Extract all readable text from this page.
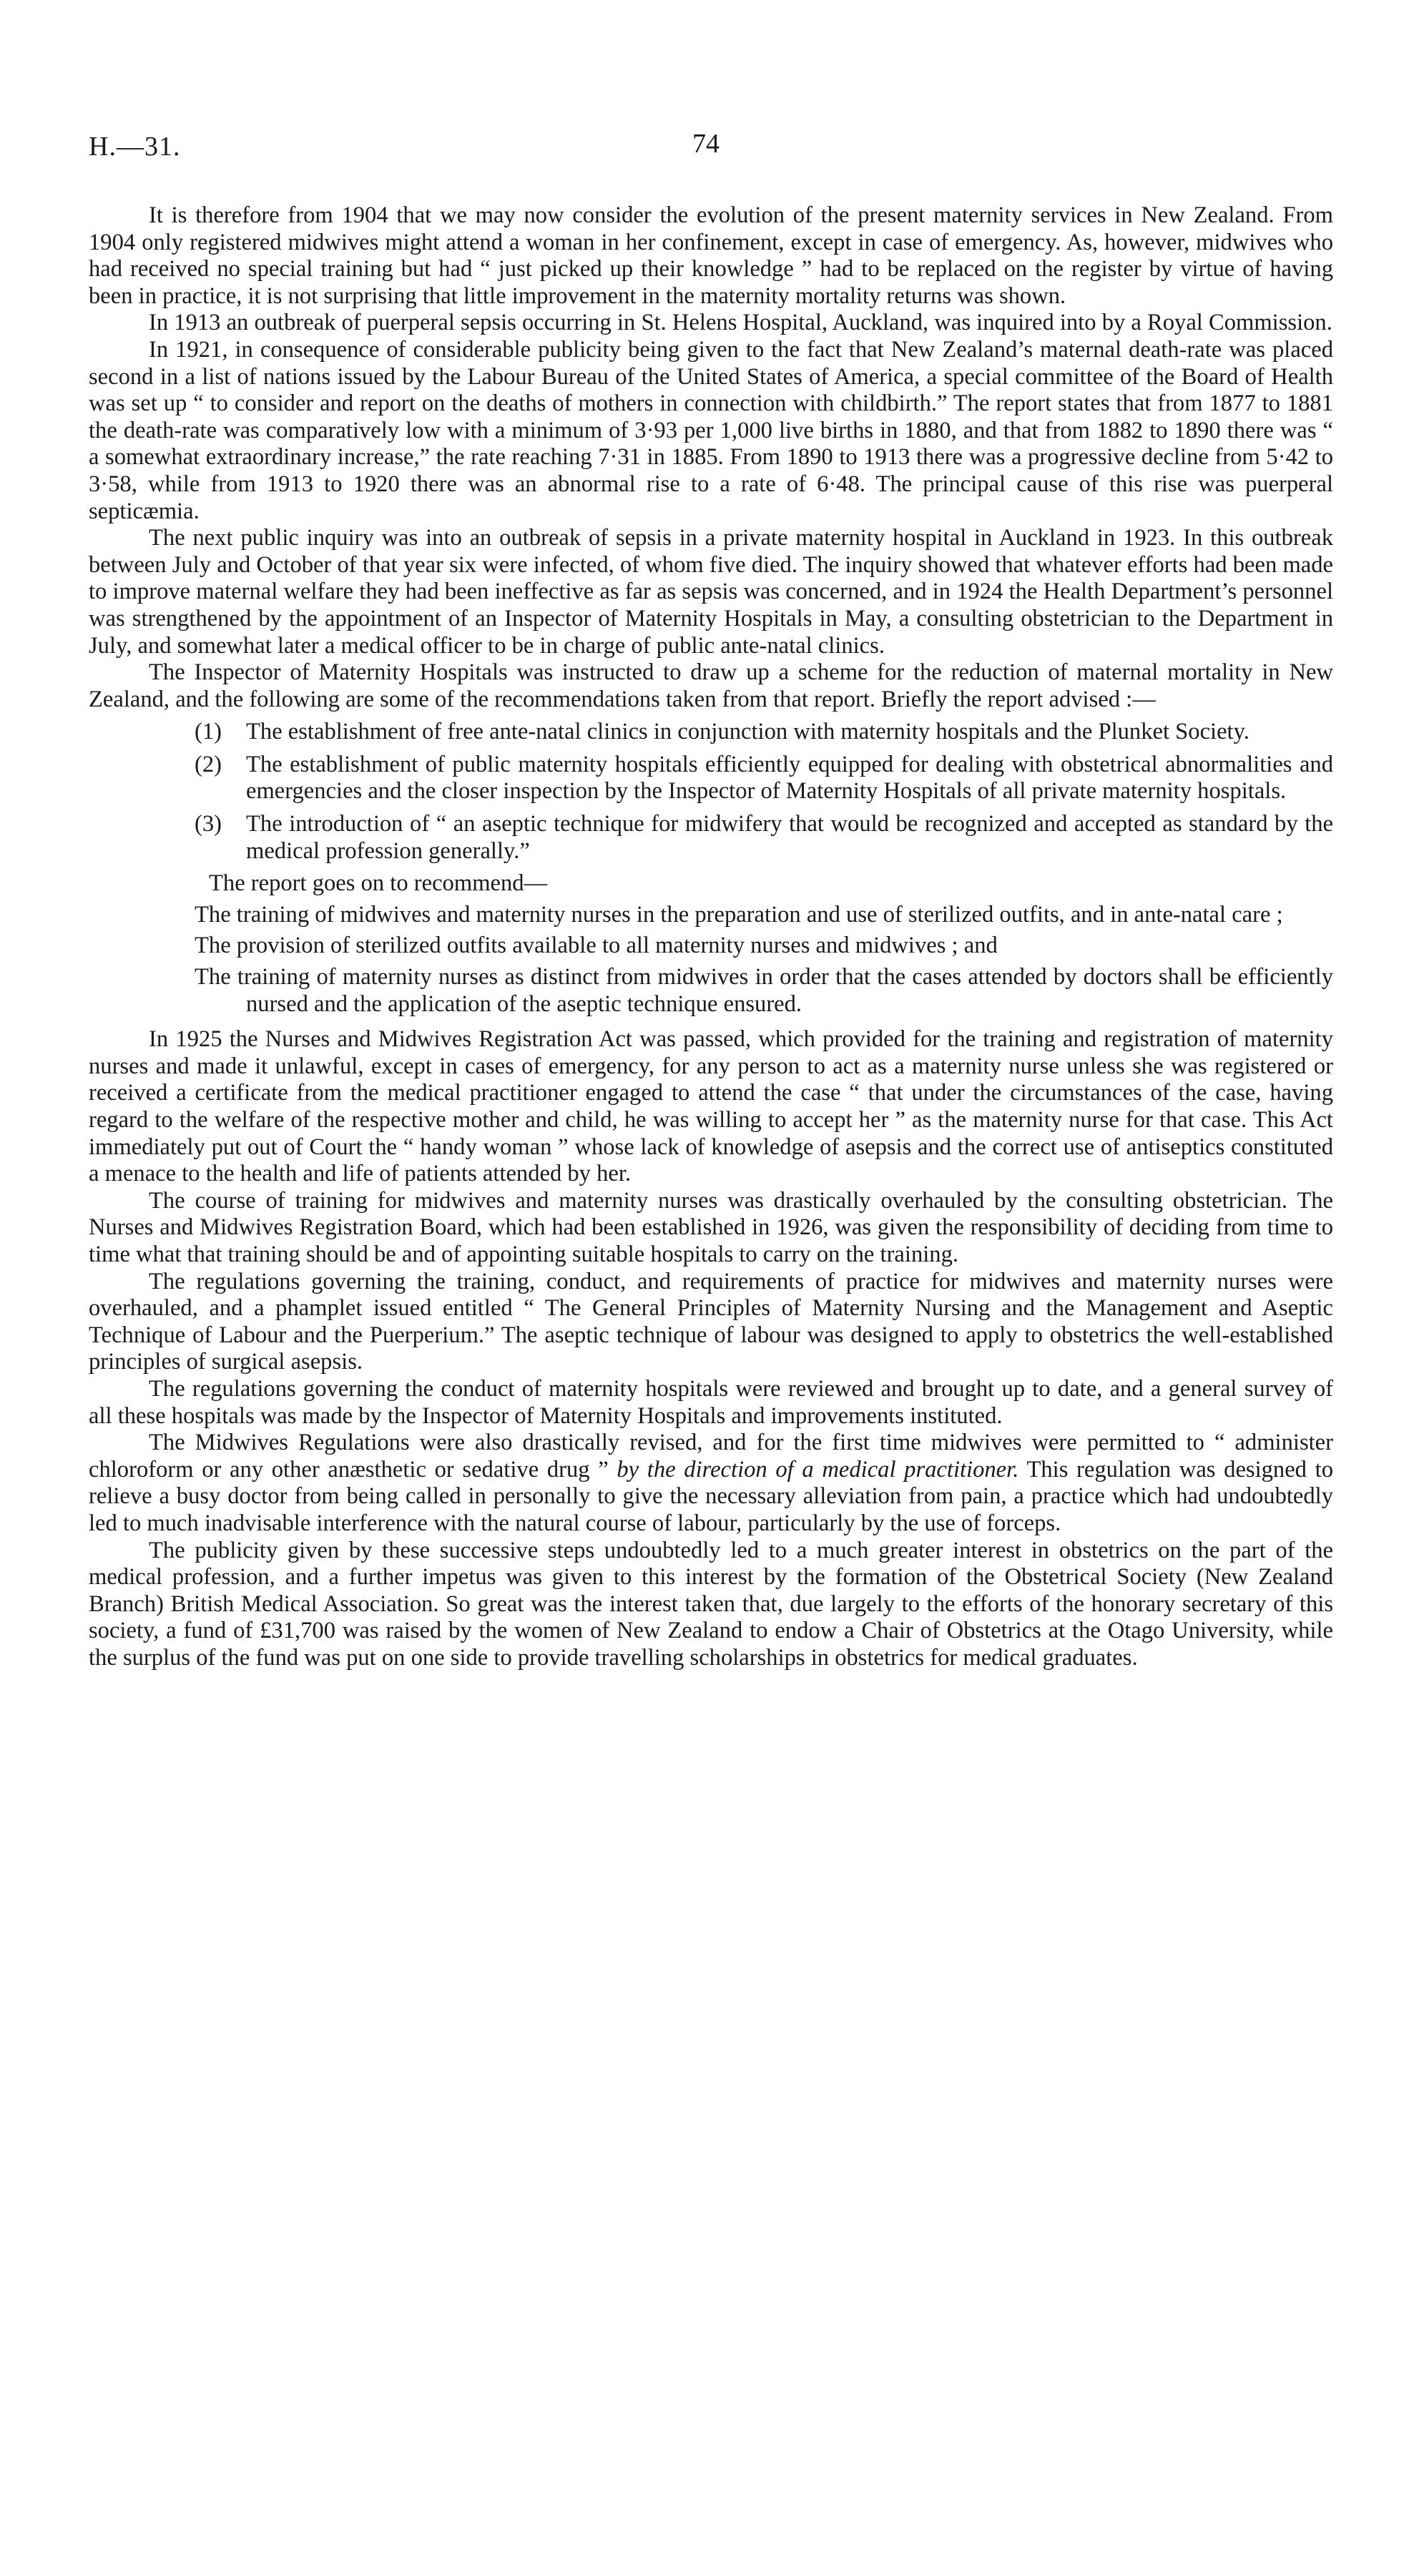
H.—31.	74

It is therefore from 1904 that we may now consider the evolution of the present maternity services in New Zealand. From 1904 only registered midwives might attend a woman in her confinement, except in case of emergency. As, however, midwives who had received no special training but had “ just picked up their knowledge ” had to be replaced on the register by virtue of having been in practice, it is not surprising that little improvement in the maternity mortality returns was shown.

In 1913 an outbreak of puerperal sepsis occurring in St. Helens Hospital, Auckland, was inquired into by a Royal Commission.

In 1921, in consequence of considerable publicity being given to the fact that New Zealand’s maternal death-rate was placed second in a list of nations issued by the Labour Bureau of the United States of America, a special committee of the Board of Health was set up “ to consider and report on the deaths of mothers in connection with childbirth.” The report states that from 1877 to 1881 the death-rate was comparatively low with a minimum of 3·93 per 1,000 live births in 1880, and that from 1882 to 1890 there was “ a somewhat extraordinary increase,” the rate reaching 7·31 in 1885. From 1890 to 1913 there was a progressive decline from 5·42 to 3·58, while from 1913 to 1920 there was an abnormal rise to a rate of 6·48. The principal cause of this rise was puerperal septicæmia.

The next public inquiry was into an outbreak of sepsis in a private maternity hospital in Auckland in 1923. In this outbreak between July and October of that year six were infected, of whom five died. The inquiry showed that whatever efforts had been made to improve maternal welfare they had been ineffective as far as sepsis was concerned, and in 1924 the Health Department’s personnel was strengthened by the appointment of an Inspector of Maternity Hospitals in May, a consulting obstetrician to the Department in July, and somewhat later a medical officer to be in charge of public ante-natal clinics.

The Inspector of Maternity Hospitals was instructed to draw up a scheme for the reduction of maternal mortality in New Zealand, and the following are some of the recommendations taken from that report. Briefly the report advised :—

(1) The establishment of free ante-natal clinics in conjunction with maternity hospitals and the Plunket Society.
(2) The establishment of public maternity hospitals efficiently equipped for dealing with obstetrical abnormalities and emergencies and the closer inspection by the Inspector of Maternity Hospitals of all private maternity hospitals.
(3) The introduction of “ an aseptic technique for midwifery that would be recognized and accepted as standard by the medical profession generally.”

The report goes on to recommend—

The training of midwives and maternity nurses in the preparation and use of sterilized outfits, and in ante-natal care ;
The provision of sterilized outfits available to all maternity nurses and midwives ; and
The training of maternity nurses as distinct from midwives in order that the cases attended by doctors shall be efficiently nursed and the application of the aseptic technique ensured.

In 1925 the Nurses and Midwives Registration Act was passed, which provided for the training and registration of maternity nurses and made it unlawful, except in cases of emergency, for any person to act as a maternity nurse unless she was registered or received a certificate from the medical practitioner engaged to attend the case “ that under the circumstances of the case, having regard to the welfare of the respective mother and child, he was willing to accept her ” as the maternity nurse for that case. This Act immediately put out of Court the “ handy woman ” whose lack of knowledge of asepsis and the correct use of antiseptics constituted a menace to the health and life of patients attended by her.

The course of training for midwives and maternity nurses was drastically overhauled by the consulting obstetrician. The Nurses and Midwives Registration Board, which had been established in 1926, was given the responsibility of deciding from time to time what that training should be and of appointing suitable hospitals to carry on the training.

The regulations governing the training, conduct, and requirements of practice for midwives and maternity nurses were overhauled, and a phamplet issued entitled “ The General Principles of Maternity Nursing and the Management and Aseptic Technique of Labour and the Puerperium.” The aseptic technique of labour was designed to apply to obstetrics the well-established principles of surgical asepsis.

The regulations governing the conduct of maternity hospitals were reviewed and brought up to date, and a general survey of all these hospitals was made by the Inspector of Maternity Hospitals and improvements instituted.

The Midwives Regulations were also drastically revised, and for the first time midwives were permitted to “ administer chloroform or any other anæsthetic or sedative drug ” by the direction of a medical practitioner. This regulation was designed to relieve a busy doctor from being called in personally to give the necessary alleviation from pain, a practice which had undoubtedly led to much inadvisable interference with the natural course of labour, particularly by the use of forceps.

The publicity given by these successive steps undoubtedly led to a much greater interest in obstetrics on the part of the medical profession, and a further impetus was given to this interest by the formation of the Obstetrical Society (New Zealand Branch) British Medical Association. So great was the interest taken that, due largely to the efforts of the honorary secretary of this society, a fund of £31,700 was raised by the women of New Zealand to endow a Chair of Obstetrics at the Otago University, while the surplus of the fund was put on one side to provide travelling scholarships in obstetrics for medical graduates.
